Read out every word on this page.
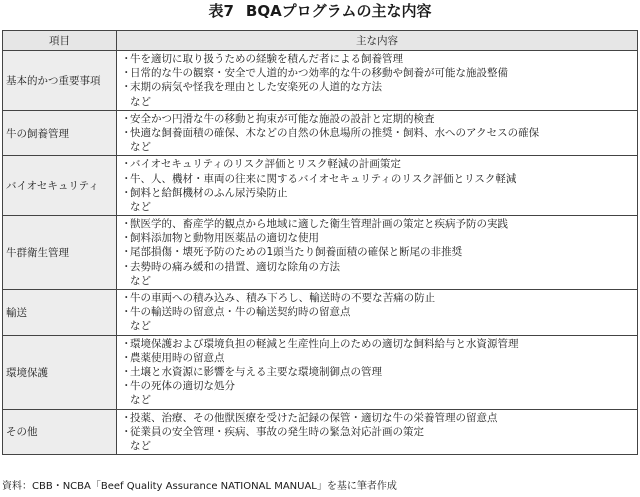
表7 BQAプログラムの主な内容
項目	主な内容
基本的かつ重要事項	・牛を適切に取り扱うための経験を積んだ者による飼養管理
・日常的な牛の観察・安全で人道的かつ効率的な牛の移動や飼養が可能な施設整備
・末期の病気や怪我を理由とした安楽死の人道的な方法
など

牛の飼養管理	・安全かつ円滑な牛の移動と拘束が可能な施設の設計と定期的検査
・快適な飼養面積の確保、木などの自然の休息場所の推奨・飼料、水へのアクセスの確保
など

バイオセキュリティ	・バイオセキュリティのリスク評価とリスク軽減の計画策定
・牛、人、機材・車両の往来に関するバイオセキュリティのリスク評価とリスク軽減
・飼料と給餌機材のふん尿汚染防止
など

牛群衛生管理	・獣医学的、畜産学的観点から地域に適した衛生管理計画の策定と疾病予防の実践
・飼料添加物と動物用医薬品の適切な使用
・尾部損傷・壊死予防のための1頭当たり飼養面積の確保と断尾の非推奨
・去勢時の痛み緩和の措置、適切な除角の方法
など

輸送	・牛の車両への積み込み、積み下ろし、輸送時の不要な苦痛の防止
・牛の輸送時の留意点・牛の輸送契約時の留意点
など

環境保護	・環境保護および環境負担の軽減と生産性向上のための適切な飼料給与と水資源管理
・農薬使用時の留意点
・土壌と水資源に影響を与える主要な環境制御点の管理
・牛の死体の適切な処分
など

その他	・投薬、治療、その他獣医療を受けた記録の保管・適切な牛の栄養管理の留意点
・従業員の安全管理・疾病、事故の発生時の緊急対応計画の策定
など
資料：CBB・NCBA「Beef Quality Assurance NATIONAL MANUAL」を基に筆者作成
